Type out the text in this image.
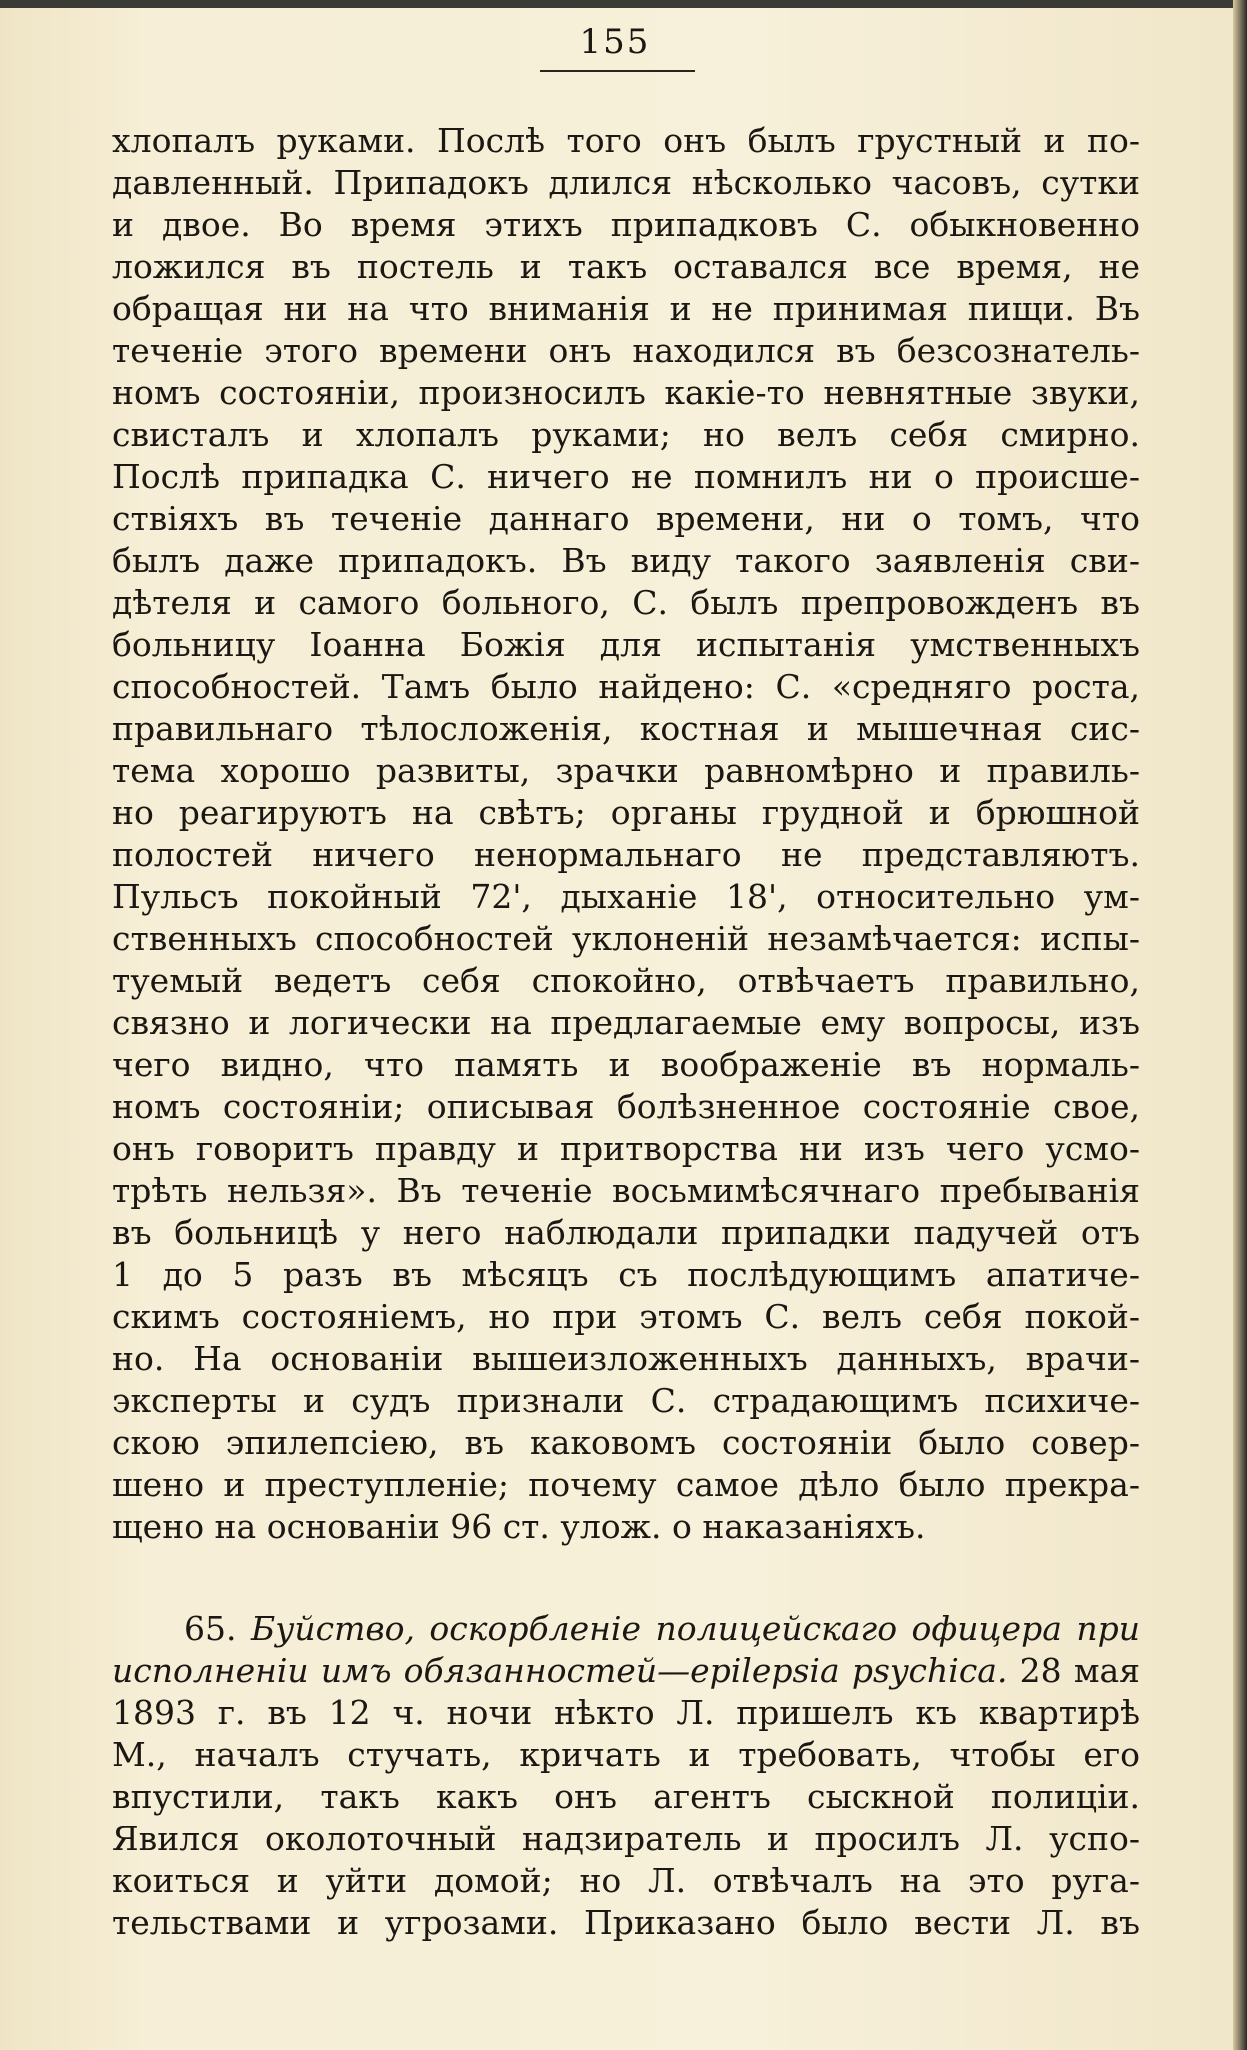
155
хлопалъ руками. Послѣ того онъ былъ грустный и по-
давленный. Припадокъ длился нѣсколько часовъ, сутки
и двое. Во время этихъ припадковъ С. обыкновенно
ложился въ постель и такъ оставался все время, не
обращая ни на что вниманія и не принимая пищи. Въ
теченіе этого времени онъ находился въ безсознатель-
номъ состояніи, произносилъ какіе-то невнятные звуки,
свисталъ и хлопалъ руками; но велъ себя смирно.
Послѣ припадка С. ничего не помнилъ ни о происше-
ствіяхъ въ теченіе даннаго времени, ни о томъ, что
былъ даже припадокъ. Въ виду такого заявленія сви-
дѣтеля и самого больного, С. былъ препровожденъ въ
больницу Іоанна Божія для испытанія умственныхъ
способностей. Тамъ было найдено: С. «средняго роста,
правильнаго тѣлосложенія, костная и мышечная сис-
тема хорошо развиты, зрачки равномѣрно и правиль-
но реагируютъ на свѣтъ; органы грудной и брюшной
полостей ничего ненормальнаго не представляютъ.
Пульсъ покойный 72', дыханіе 18', относительно ум-
ственныхъ способностей уклоненій незамѣчается: испы-
туемый ведетъ себя спокойно, отвѣчаетъ правильно,
связно и логически на предлагаемые ему вопросы, изъ
чего видно, что память и воображеніе въ нормаль-
номъ состояніи; описывая болѣзненное состояніе свое,
онъ говоритъ правду и притворства ни изъ чего усмо-
трѣть нельзя». Въ теченіе восьмимѣсячнаго пребыванія
въ больницѣ у него наблюдали припадки падучей отъ
1 до 5 разъ въ мѣсяцъ съ послѣдующимъ апатиче-
скимъ состояніемъ, но при этомъ С. велъ себя покой-
но. На основаніи вышеизложенныхъ данныхъ, врачи-
эксперты и судъ признали С. страдающимъ психиче-
скою эпилепсіею, въ каковомъ состояніи было совер-
шено и преступленіе; почему самое дѣло было прекра-
щено на основаніи 96 ст. улож. о наказаніяхъ.
65. Буйство, оскорбленіе полицейскаго офицера при
исполненіи имъ обязанностей—epilepsia psychica. 28 мая
1893 г. въ 12 ч. ночи нѣкто Л. пришелъ къ квартирѣ
М., началъ стучать, кричать и требовать, чтобы его
впустили, такъ какъ онъ агентъ сыскной полиціи.
Явился околоточный надзиратель и просилъ Л. успо-
коиться и уйти домой; но Л. отвѣчалъ на это руга-
тельствами и угрозами. Приказано было вести Л. въ
